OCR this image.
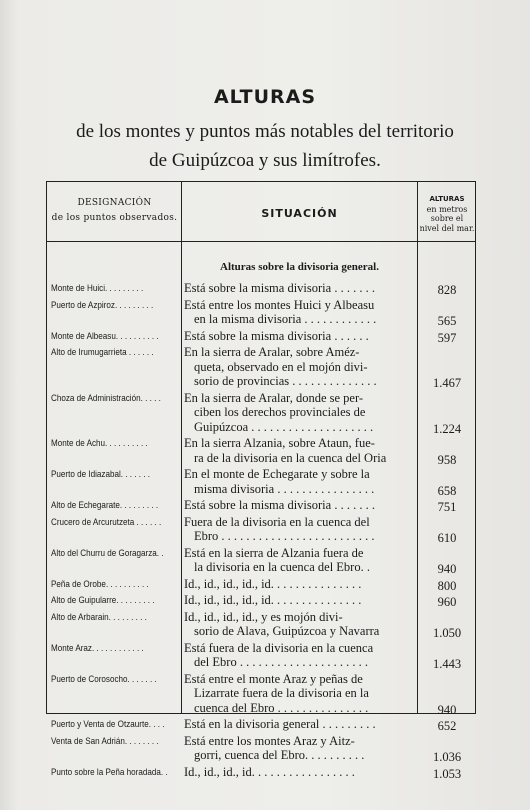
ALTURAS
de los montes y puntos más notables del territorio
de Guipúzcoa y sus limítrofes.
DESIGNACIÓN
de los puntos observados.	SITUACIÓN
ALTURAS
en metros
sobre el
nivel del mar.
Alturas sobre la divisoria general.
Monte de Huici. . . . . . . . .	Está sobre la misma divisoria . . . . . . .	828
Puerto de Azpiroz. . . . . . . . .	Está entre los montes Huici y Albeasu
en la misma divisoria . . . . . . . . . . . .	565
Monte de Albeasu. . . . . . . . . .	Está sobre la misma divisoria . . . . . .	597
Alto de Irumugarrieta . . . . . .	En la sierra de Aralar, sobre Améz-
queta, observado en el mojón divi-
sorio de provincias . . . . . . . . . . . . . .	1.467
Choza de Administración. . . . .	En la sierra de Aralar, donde se per-
ciben los derechos provinciales de
Guipúzcoa . . . . . . . . . . . . . . . . . . . .	1.224
Monte de Achu. . . . . . . . . .	En la sierra Alzania, sobre Ataun, fue-
ra de la divisoria en la cuenca del Oria	958
Puerto de Idiazabal. . . . . . .	En el monte de Echegarate y sobre la
misma divisoria . . . . . . . . . . . . . . . .	658
Alto de Echegarate. . . . . . . . .	Está sobre la misma divisoria . . . . . . .	751
Crucero de Arcurutzeta . . . . . .	Fuera de la divisoria en la cuenca del
Ebro . . . . . . . . . . . . . . . . . . . . . . . . .	610
Alto del Churru de Goragarza. .	Está en la sierra de Alzania fuera de
la divisoria en la cuenca del Ebro. .	940
Peña de Orobe. . . . . . . . . .	Id., id., id., id., id. . . . . . . . . . . . . . .	800
Alto de Guipularre. . . . . . . . .	Id., id., id., id., id. . . . . . . . . . . . . . .	960
Alto de Arbarain. . . . . . . . .	Id., id., id., id., y es mojón divi-
sorio de Alava, Guipúzcoa y Navarra	1.050
Monte Araz. . . . . . . . . . . .	Está fuera de la divisoria en la cuenca
del Ebro . . . . . . . . . . . . . . . . . . . . .	1.443
Puerto de Corosocho. . . . . . .	Está entre el monte Araz y peñas de
Lizarrate fuera de la divisoria en la
cuenca del Ebro . . . . . . . . . . . . . . .	940
Puerto y Venta de Otzaurte. . . . Está en la divisoria general . . . . . . . . .	652
Venta de San Adrián. . . . . . . .	Está entre los montes Araz y Aitz-
gorri, cuenca del Ebro. . . . . . . . . .	1.036
Punto sobre la Peña horadada. . Id., id., id., id. . . . . . . . . . . . . . . . .	1.053
